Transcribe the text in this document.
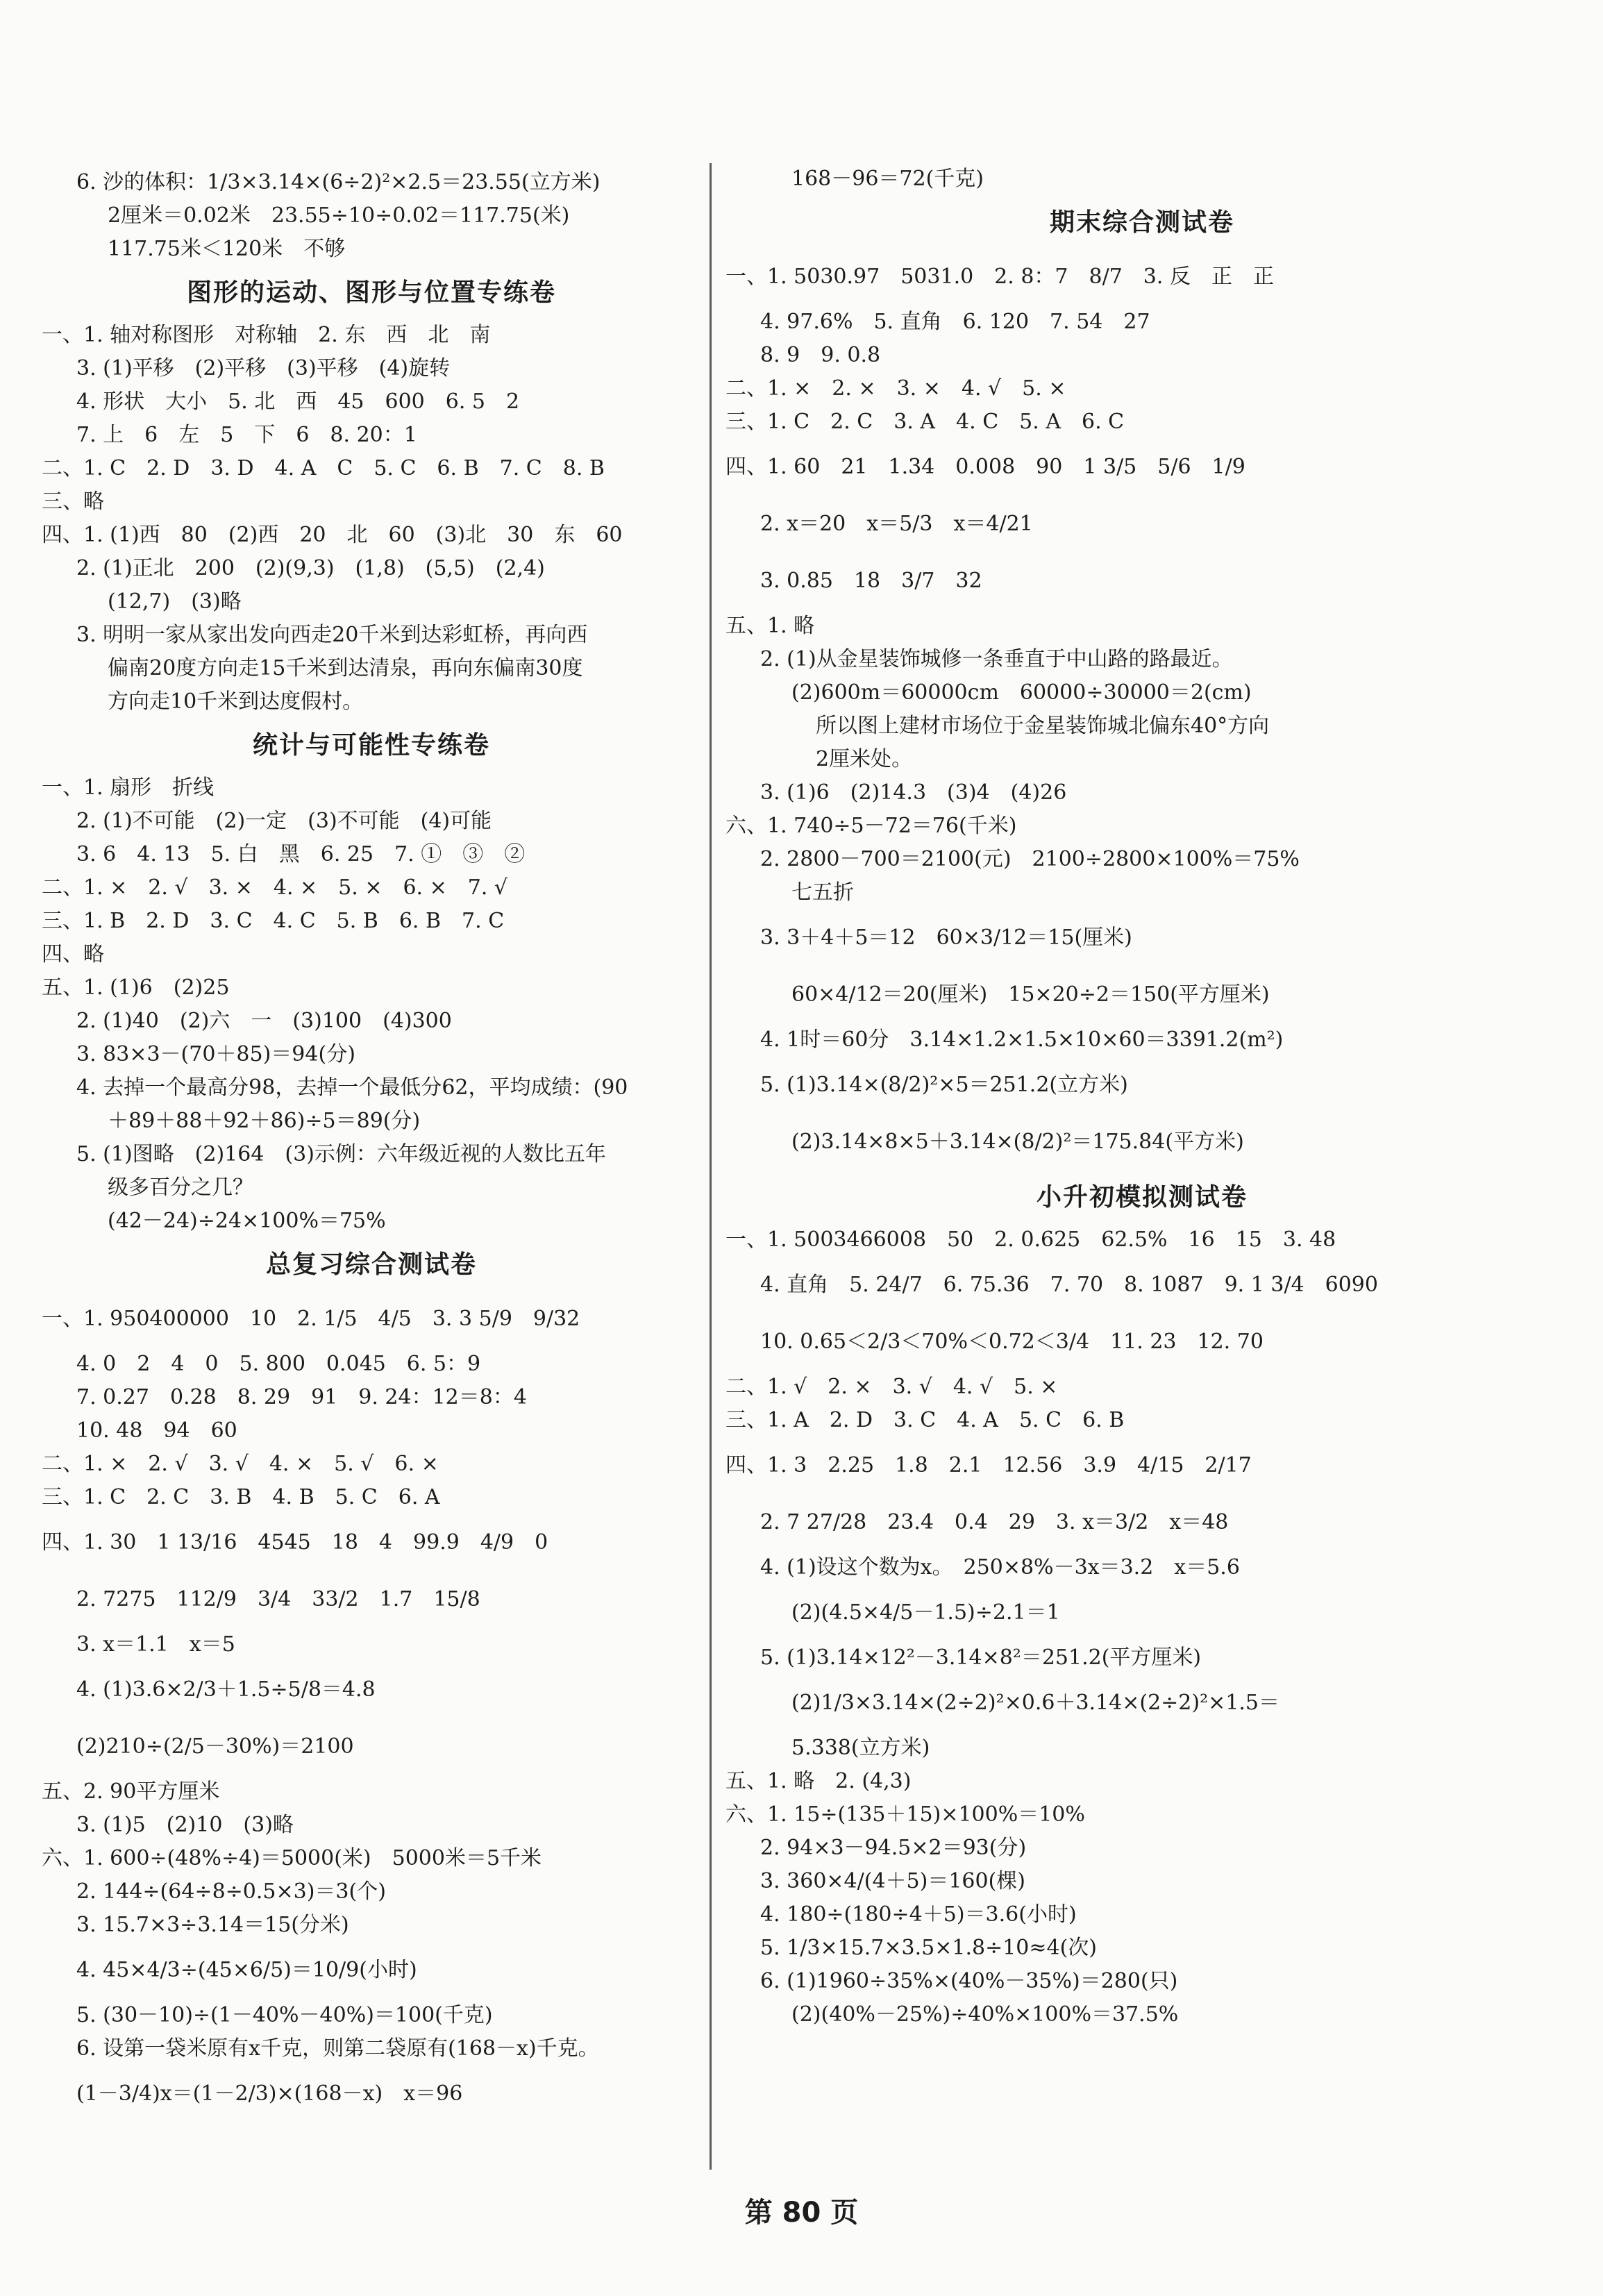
6. 沙的体积：1/3×3.14×(6÷2)²×2.5＝23.55(立方米)

2厘米＝0.02米　23.55÷10÷0.02＝117.75(米)

117.75米＜120米　不够

图形的运动、图形与位置专练卷

一、1. 轴对称图形　对称轴　2. 东　西　北　南

3. (1)平移　(2)平移　(3)平移　(4)旋转

4. 形状　大小　5. 北　西　45　600　6. 5　2

7. 上　6　左　5　下　6　8. 20：1

二、1. C　2. D　3. D　4. A　C　5. C　6. B　7. C　8. B

三、略

四、1. (1)西　80　(2)西　20　北　60　(3)北　30　东　60

2. (1)正北　200　(2)(9,3)　(1,8)　(5,5)　(2,4)

(12,7)　(3)略

3. 明明一家从家出发向西走20千米到达彩虹桥，再向西

偏南20度方向走15千米到达清泉，再向东偏南30度

方向走10千米到达度假村。

统计与可能性专练卷

一、1. 扇形　折线

2. (1)不可能　(2)一定　(3)不可能　(4)可能

3. 6　4. 13　5. 白　黑　6. 25　7. ①　③　②

二、1. ×　2. √　3. ×　4. ×　5. ×　6. ×　7. √

三、1. B　2. D　3. C　4. C　5. B　6. B　7. C

四、略

五、1. (1)6　(2)25

2. (1)40　(2)六　一　(3)100　(4)300

3. 83×3－(70＋85)＝94(分)

4. 去掉一个最高分98，去掉一个最低分62，平均成绩：(90

＋89＋88＋92＋86)÷5＝89(分)

5. (1)图略　(2)164　(3)示例：六年级近视的人数比五年

级多百分之几？

(42－24)÷24×100%＝75%

总复习综合测试卷

一、1. 950400000　10　2. 1/5　4/5　3. 3 5/9　9/32

4. 0　2　4　0　5. 800　0.045　6. 5：9

7. 0.27　0.28　8. 29　91　9. 24：12＝8：4

10. 48　94　60

二、1. ×　2. √　3. √　4. ×　5. √　6. ×

三、1. C　2. C　3. B　4. B　5. C　6. A

四、1. 30　1 13/16　4545　18　4　99.9　4/9　0

2. 7275　112/9　3/4　33/2　1.7　15/8

3. x＝1.1　x＝5

4. (1)3.6×2/3＋1.5÷5/8＝4.8

(2)210÷(2/5－30%)＝2100

五、2. 90平方厘米

3. (1)5　(2)10　(3)略

六、1. 600÷(48%÷4)＝5000(米)　5000米＝5千米

2. 144÷(64÷8÷0.5×3)＝3(个)

3. 15.7×3÷3.14＝15(分米)

4. 45×4/3÷(45×6/5)＝10/9(小时)

5. (30－10)÷(1－40%－40%)＝100(千克)

6. 设第一袋米原有x千克，则第二袋原有(168－x)千克。

(1－3/4)x＝(1－2/3)×(168－x)　x＝96

168－96＝72(千克)

期末综合测试卷

一、1. 5030.97　5031.0　2. 8：7　8/7　3. 反　正　正

4. 97.6%　5. 直角　6. 120　7. 54　27

8. 9　9. 0.8

二、1. ×　2. ×　3. ×　4. √　5. ×

三、1. C　2. C　3. A　4. C　5. A　6. C

四、1. 60　21　1.34　0.008　90　1 3/5　5/6　1/9

2. x＝20　x＝5/3　x＝4/21

3. 0.85　18　3/7　32

五、1. 略

2. (1)从金星装饰城修一条垂直于中山路的路最近。

(2)600m＝60000cm　60000÷30000＝2(cm)

所以图上建材市场位于金星装饰城北偏东40°方向

2厘米处。

3. (1)6　(2)14.3　(3)4　(4)26

六、1. 740÷5－72＝76(千米)

2. 2800－700＝2100(元)　2100÷2800×100%＝75%

七五折

3. 3＋4＋5＝12　60×3/12＝15(厘米)

60×4/12＝20(厘米)　15×20÷2＝150(平方厘米)

4. 1时＝60分　3.14×1.2×1.5×10×60＝3391.2(m²)

5. (1)3.14×(8/2)²×5＝251.2(立方米)

(2)3.14×8×5＋3.14×(8/2)²＝175.84(平方米)

小升初模拟测试卷

一、1. 5003466008　50　2. 0.625　62.5%　16　15　3. 48

4. 直角　5. 24/7　6. 75.36　7. 70　8. 1087　9. 1 3/4　6090

10. 0.65＜2/3＜70%＜0.72＜3/4　11. 23　12. 70

二、1. √　2. ×　3. √　4. √　5. ×

三、1. A　2. D　3. C　4. A　5. C　6. B

四、1. 3　2.25　1.8　2.1　12.56　3.9　4/15　2/17

2. 7 27/28　23.4　0.4　29　3. x＝3/2　x＝48

4. (1)设这个数为x。　250×8%－3x＝3.2　x＝5.6

(2)(4.5×4/5－1.5)÷2.1＝1

5. (1)3.14×12²－3.14×8²＝251.2(平方厘米)

(2)1/3×3.14×(2÷2)²×0.6＋3.14×(2÷2)²×1.5＝

5.338(立方米)

五、1. 略　2. (4,3)

六、1. 15÷(135＋15)×100%＝10%

2. 94×3－94.5×2＝93(分)

3. 360×4/(4＋5)＝160(棵)

4. 180÷(180÷4＋5)＝3.6(小时)

5. 1/3×15.7×3.5×1.8÷10≈4(次)

6. (1)1960÷35%×(40%－35%)＝280(只)

(2)(40%－25%)÷40%×100%＝37.5%

第 80 页
